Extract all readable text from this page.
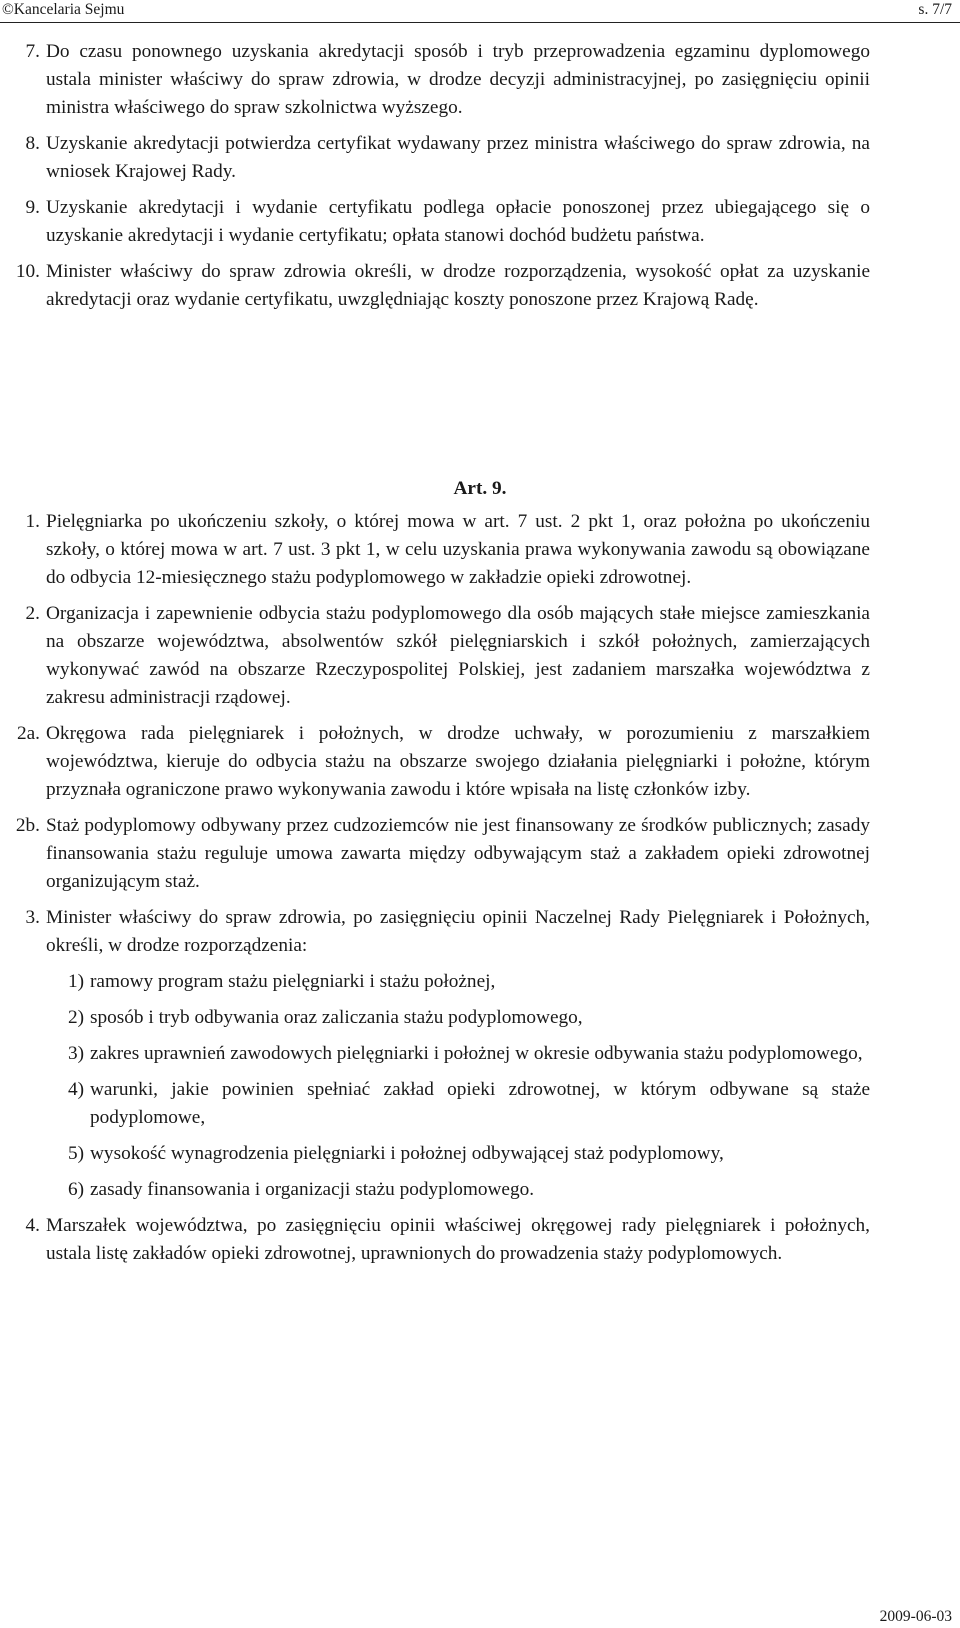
©Kancelaria Sejmu	s. 7/7
7. Do czasu ponownego uzyskania akredytacji sposób i tryb przeprowadzenia egzaminu dyplomowego ustala minister właściwy do spraw zdrowia, w drodze decyzji administracyjnej, po zasięgnięciu opinii ministra właściwego do spraw szkolnictwa wyższego.
8. Uzyskanie akredytacji potwierdza certyfikat wydawany przez ministra właściwego do spraw zdrowia, na wniosek Krajowej Rady.
9. Uzyskanie akredytacji i wydanie certyfikatu podlega opłacie ponoszonej przez ubiegającego się o uzyskanie akredytacji i wydanie certyfikatu; opłata stanowi dochód budżetu państwa.
10. Minister właściwy do spraw zdrowia określi, w drodze rozporządzenia, wysokość opłat za uzyskanie akredytacji oraz wydanie certyfikatu, uwzględniając koszty ponoszone przez Krajową Radę.
Art. 9.
1. Pielęgniarka po ukończeniu szkoły, o której mowa w art. 7 ust. 2 pkt 1, oraz położna po ukończeniu szkoły, o której mowa w art. 7 ust. 3 pkt 1, w celu uzyskania prawa wykonywania zawodu są obowiązane do odbycia 12-miesięcznego stażu podyplomowego w zakładzie opieki zdrowotnej.
2. Organizacja i zapewnienie odbycia stażu podyplomowego dla osób mających stałe miejsce zamieszkania na obszarze województwa, absolwentów szkół pielęgniarskich i szkół położnych, zamierzających wykonywać zawód na obszarze Rzeczypospolitej Polskiej, jest zadaniem marszałka województwa z zakresu administracji rządowej.
2a. Okręgowa rada pielęgniarek i położnych, w drodze uchwały, w porozumieniu z marszałkiem województwa, kieruje do odbycia stażu na obszarze swojego działania pielęgniarki i położne, którym przyznała ograniczone prawo wykonywania zawodu i które wpisała na listę członków izby.
2b. Staż podyplomowy odbywany przez cudzoziemców nie jest finansowany ze środków publicznych; zasady finansowania stażu reguluje umowa zawarta między odbywającym staż a zakładem opieki zdrowotnej organizującym staż.
3. Minister właściwy do spraw zdrowia, po zasięgnięciu opinii Naczelnej Rady Pielęgniarek i Położnych, określi, w drodze rozporządzenia:
1) ramowy program stażu pielęgniarki i stażu położnej,
2) sposób i tryb odbywania oraz zaliczania stażu podyplomowego,
3) zakres uprawnień zawodowych pielęgniarki i położnej w okresie odbywania stażu podyplomowego,
4) warunki, jakie powinien spełniać zakład opieki zdrowotnej, w którym odbywane są staże podyplomowe,
5) wysokość wynagrodzenia pielęgniarki i położnej odbywającej staż podyplomowy,
6) zasady finansowania i organizacji stażu podyplomowego.
4. Marszałek województwa, po zasięgnięciu opinii właściwej okręgowej rady pielęgniarek i położnych, ustala listę zakładów opieki zdrowotnej, uprawnionych do prowadzenia staży podyplomowych.
2009-06-03
